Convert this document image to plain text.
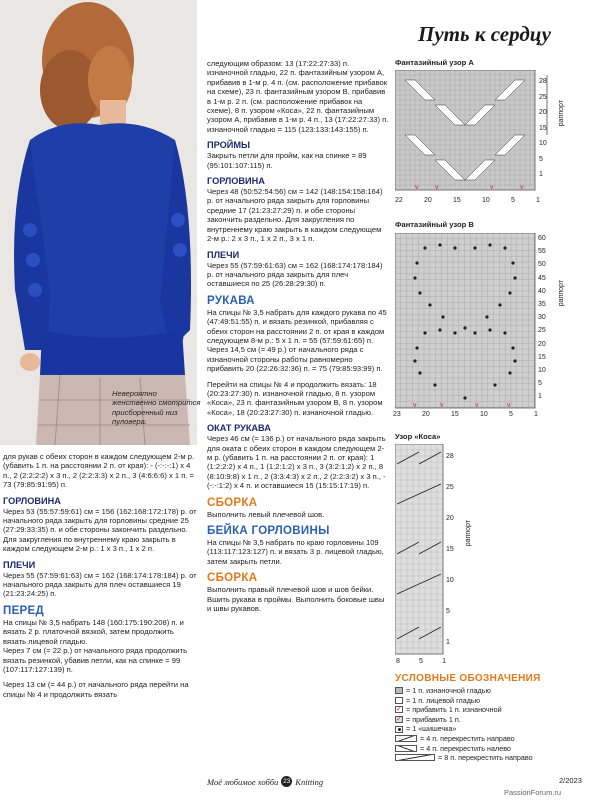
Невероятно женственно смотрится присборенный низ пуловера.
Путь к сердцу
для рукав с обеих сторон в каждом следующем 2-м р. (убавить 1 п. на расстоянии 2 п. от края): - (-:-:-:1) х 4 п., 2 (2:2:2:2) х 3 п., 2 (2:2:3:3) х 2 п., 3 (4:6:6:6) х 1 п. = 73 (79:85:91:95) п.
ГОРЛОВИНА
Через 53 (55:57:59:61) см = 156 (162:168:172:178) р. от начального ряда закрыть для горловины средние 25 (27:29:33:35) п. и обе стороны закончить раздельно. Для закругления по внутреннему краю закрыть в каждом следующем 2-м р.: 1 х 3 п., 1 х 2 п.
ПЛЕЧИ
Через 55 (57:59:61:63) см = 162 (168:174:178:184) р. от начального ряда закрыть для плеч оставшиеся 19 (21:23:24:25) п.
ПЕРЕД
На спицы № 3,5 набрать 148 (160:175:190:208) п. и вязать 2 р. платочной вязкой, затем продолжить вязать лицевой гладью.
Через 7 см (= 22 р.) от начального ряда продолжить вязать резинкой, убавив петли, как на спинке = 99 (107:117:127:139) п.
Через 13 см (= 44 р.) от начального ряда перейти на спицы № 4 и продолжить вязать
следующим образом: 13 (17:22:27:33) п. изнаночной гладью, 22 п. фантазийным узором A, прибавив в 1-м р. 4 п. (см. расположение прибавок на схеме), 23 п. фантазийным узором B, прибавив в 1-м р. 2 п. (см. расположение прибавок на схеме), 8 п. узором «Коса», 22 п. фантазийным узором A, прибавив в 1-м р. 4 п., 13 (17:22:27:33) п. изнаночной гладью = 115 (123:133:143:155) п.
ПРОЙМЫ
Закрыть петли для пройм, как на спинке = 89 (95:101:107:115) п.
ГОРЛОВИНА
Через 48 (50:52:54:56) см = 142 (148:154:158:164) р. от начального ряда закрыть для горловины средние 17 (21:23:27:29) п. и обе стороны закончить раздельно. Для закругления по внутреннему краю закрыть в каждом следующем 2-м р.: 2 х 3 п., 1 х 2 п., 3 х 1 п.
ПЛЕЧИ
Через 55 (57:59:61:63) см = 162 (168:174:178:184) р. от начального ряда закрыть для плеч оставшиеся по 25 (26:28:29:30) п.
РУКАВА
На спицы № 3,5 набрать для каждого рукава по 45 (47:49:51:55) п. и вязать резинкой, прибавляя с обеих сторон на расстоянии 2 п. от края в каждом следующем 8-м р.: 5 х 1 п. = 55 (57:59:61:65) п.
Через 14,5 см (= 49 р.) от начального ряда с изнаночной стороны работы равномерно прибавить 20 (22:26:32:36) п. = 75 (79:85:93:99) п.
Перейти на спицы № 4 и продолжить вязать: 18 (20:23:27:30) п. изнаночной гладью, 8 п. узором «Коса», 23 п. фантазийным узором B, 8 п. узором «Коса», 18 (20:23:27:30) п. изнаночной гладью.
ОКАТ РУКАВА
Через 46 см (= 136 р.) от начального ряда закрыть для оката с обеих сторон в каждом следующем 2-м р. (убавить 1 п. на расстоянии 2 п. от края): 1 (1:2:2:2) х 4 п., 1 (1:2:1:2) х 3 п., 3 (3:2:1:2) х 2 п., 8 (8:10:9:8) х 1 п., 2 (3:3:4:3) х 2 п., 2 (2:2:3:2) х 3 п., - (-:-:1:2) х 4 п. и оставшиеся 15 (15:15:17:19) п.
СБОРКА
Выполнить левый плечевой шов.
БЕЙКА ГОРЛОВИНЫ
На спицы № 3,5 набрать по краю горловины 109 (113:117:123:127) п. и вязать 3 р. лицевой гладью, затем закрыть петли.
СБОРКА
Выполнить правый плечевой шов и шов бейки. Вшить рукава в проймы. Выполнить боковые швы и швы рукавов.
Фантазийный узор А
v v	v	v
28
25
20
15
10
5
1
раппорт
22	20	15	10	5	1
Фантазийный узор В
v	v	v	v
60
55
50
45
40
35
30
25
20
15
10
5
1
раппорт
23	20	15	10	5	1
Узор «Коса»
28
25
20
15
10
5
1
раппорт
8	5	1
УСЛОВНЫЕ ОБОЗНАЧЕНИЯ
= 1 п. изнаночной гладью
= 1 п. лицевой гладью
✓ = прибавить 1 п. изнаночной
✓ = прибавить 1 п.
= 1 «шишечка»
= 4 п. перекрестить направо
= 4 п. перекрестить налево
= 8 п. перекрестить направо
Моё любимое хобби 23 Knitting	2/2023
PassionForum.ru
